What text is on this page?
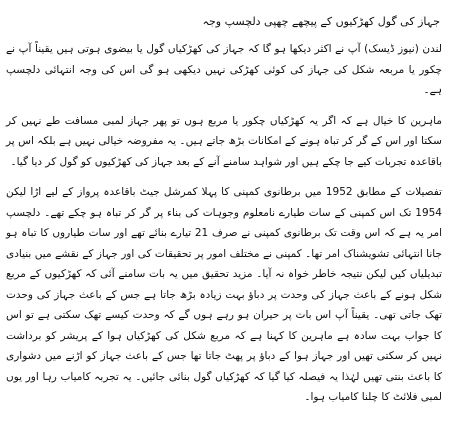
جہاز کی گول کھڑکیوں کے پیچھے چھپی دلچسپ وجہ

لندن (نیوز ڈیسک) آپ نے اکثر دیکھا ہو گا کہ جہاز کی کھڑکیاں گول یا بیضوی ہوتی ہیں یقیناً آپ نے چکور یا مربعہ شکل کی جہاز کی کوئی کھڑکی نہیں دیکھی ہو گی اس کی وجہ انتہائی دلچسپ ہے۔

ماہرین کا خیال ہے کہ اگر یہ کھڑکیاں چکور یا مربع ہوں تو پھر جہاز لمبی مسافت طے نہیں کر سکتا اور اس کے گر کر تباہ ہونے کے امکانات بڑھ جاتے ہیں۔ یہ مفروضہ خیالی نہیں ہے بلکہ اس پر باقاعدہ تجربات کیے جا چکے ہیں اور شواہد سامنے آنے کے بعد جہاز کی کھڑکیوں کو گول کر دیا گیا۔

تفصیلات کے مطابق 1952 میں برطانوی کمپنی کا پہلا کمرشل جیٹ باقاعدہ پرواز کے لیے اڑا لیکن 1954 تک اس کمپنی کے سات طیارے نامعلوم وجوہات کی بناء پر گر کر تباہ ہو چکے تھے۔ دلچسپ امر یہ ہے کہ اس وقت تک برطانوی کمپنی نے صرف 21 تیارے بنائے تھے اور سات طیاروں کا تباہ ہو جانا انتہائی تشویشناک امر تھا۔ کمپنی نے مختلف امور پر تحقیقات کی اور جہاز کے نقشے میں بنیادی تبدیلیاں کیں لیکن نتیجہ خاطر خواہ نہ آیا۔ مزید تحقیق میں یہ بات سامنے آئی کہ کھڑکیوں کے مربع شکل ہونے کے باعث جہاز کی وحدت پر دباؤ بہت زیادہ بڑھ جاتا ہے جس کے باعث جہاز کی وحدت تھک جاتی تھی۔ یقیناً آپ اس بات پر حیران ہو رہے ہوں گے کہ وحدت کیسے تھک سکتی ہے تو اس کا جواب بہت سادہ ہے ماہرین کا کہنا ہے کہ مربع شکل کی کھڑکیاں ہوا کے پریشر کو برداشت نہیں کر سکتی تھیں اور جہاز ہوا کے دباؤ پر پھٹ جاتا تھا جس کے باعث جہاز کو اڑنے میں دشواری کا باعث بنتی تھیں لہٰذا یہ فیصلہ کیا گیا کہ کھڑکیاں گول بنائی جائیں۔ یہ تجربہ کامیاب رہا اور یوں لمبی فلائٹ کا چلنا کامیاب ہوا۔
